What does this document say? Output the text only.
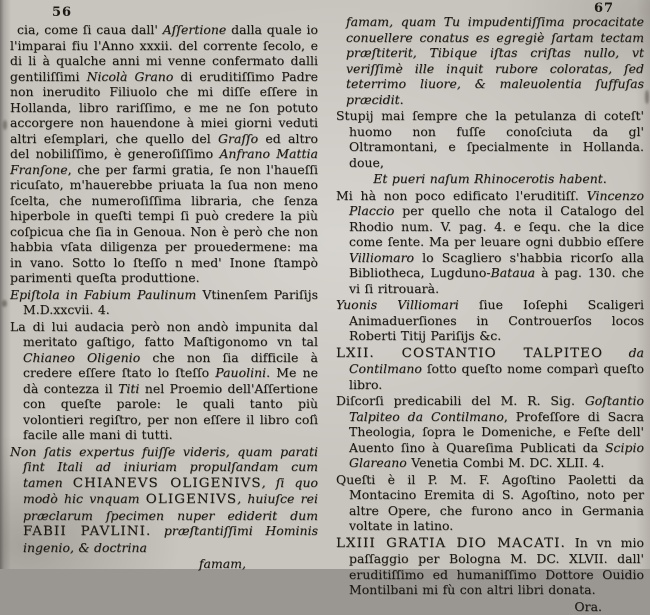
56	67

cia, come ſi caua dall' Aſſertione dalla quale io l'imparai fiu l'Anno xxxii. del corrente ſecolo, e di li à qualche anni mi venne confermato dalli gentiliſſimi Nicolà Grano di eruditiſſimo Padre non inerudito Filiuolo che mi diſſe eſſere in Hollanda, libro rariſſimo, e me ne ſon potuto accorgere non hauendone à miei giorni veduti altri eſemplari, che quello del Graſſo ed altro del nobiliſſimo, è generoſiſſimo Anfrano Mattia Franſone, che per farmi gratia, ſe non l'haueſſi ricuſato, m'hauerebbe priuata la ſua non meno ſcelta, che numeroſiſſima libraria, che ſenza hiperbole in queſti tempi ſi può credere la più coſpicua che ſia in Genoua. Non è però che non habbia vſata diligenza per prouedermene: ma in vano. Sotto lo ſteſſo n med' Inone ſtampò parimenti queſta produttione.

Epiſtola in Fabium Paulinum Vtinenſem Pariſijs M.D.xxcvii. 4.

La di lui audacia però non andò impunita dal meritato gaſtigo, fatto Maſtigonomo vn tal Chianeo Oligenio che non ſia difficile à credere eſſere ſtato lo ſteſſo Pauolini. Me ne dà contezza il Titi nel Proemio dell'Aſſertione con queſte parole: le quali tanto più volontieri regiſtro, per non eſſere il libro coſì facile alle mani di tutti.

Non ſatis expertus fuiſſe videris, quam parati ſint Itali ad iniuriam propulſandam cum tamen CHIANEVS OLIGENIVS, ſi quo modò hic vnquam OLIGENIVS, huiuſce rei præclarum ſpecimen nuper ediderit dum FABII PAVLINI. præſtantiſſimi Hominis ingenio, & doctrina

famam,

famam, quam Tu impudentiſſima procacitate conuellere conatus es egregiè ſartam tectam præſtiterit, Tibique iſtas criſtas nullo, vt veriſſimè ille inquit rubore coloratas, ſed teterrimo liuore, & maleuolentia ſuffuſas præcidit.

Stupij mai ſempre che la petulanza di coteſt' huomo non fuſſe conoſciuta da gl' Oltramontani, e ſpecialmente in Hollanda. doue,

Et pueri naſum Rhinocerotis habent.

Mi hà non poco edificato l'eruditiſſ. Vincenzo Placcio per quello che nota il Catalogo del Rhodio num. V. pag. 4. e ſequ. che la dice come ſente. Ma per leuare ogni dubbio eſſere Villiomaro lo Scagliero s'habbia ricorſo alla Bibliotheca, Lugduno-Bataua à pag. 130. che vi ſi ritrouarà.

Yuonis Villiomari ſiue Ioſephi Scaligeri Animaduerſiones in Controuerſos locos Roberti Titij Pariſijs &c.

LXII. COSTANTIO TALPITEO da Contilmano ſotto queſto nome comparì queſto libro.

Diſcorſi predicabili del M. R. Sig. Goſtantio Talpiteo da Contilmano, Profeſſore di Sacra Theologia, ſopra le Domeniche, e Feſte dell' Auento ſino à Quareſima Publicati da Scipio Glareano Venetia Combi M. DC. XLII. 4.

Queſti è il P. M. F. Agoſtino Paoletti da Montacino Eremita di S. Agoſtino, noto per altre Opere, che furono anco in Germania voltate in latino.

LXIII GRATIA DIO MACATI. In vn mio paſſaggio per Bologna M. DC. XLVII. dall' eruditiſſimo ed humaniſſimo Dottore Ouidio Montilbani mi fù con altri libri donata.

Ora.
